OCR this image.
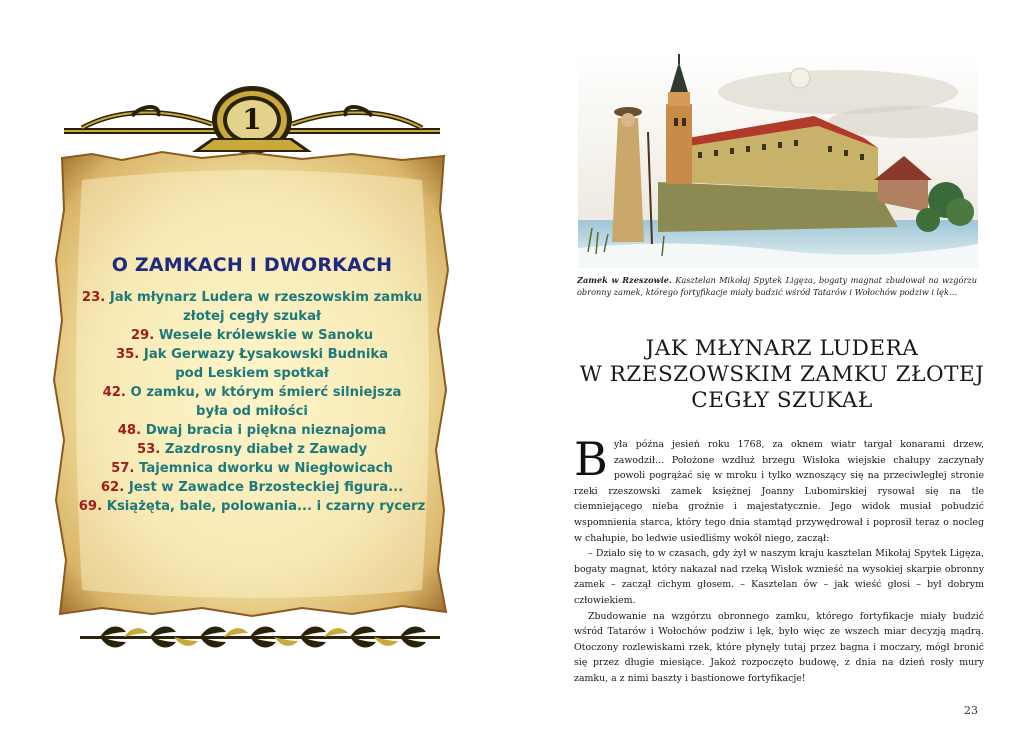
1
O ZAMKACH I DWORKACH
23. Jak młynarz Ludera w rzeszowskim zamku
złotej cegły szukał
29. Wesele królewskie w Sanoku
35. Jak Gerwazy Łysakowski Budnika
pod Leskiem spotkał
42. O zamku, w którym śmierć silniejsza
była od miłości
48. Dwaj bracia i piękna nieznajoma
53. Zazdrosny diabeł z Zawady
57. Tajemnica dworku w Niegłowicach
62. Jest w Zawadce Brzosteckiej figura...
69. Książęta, bale, polowania... i czarny rycerz
Zamek w Rzeszowie. Kasztelan Mikołaj Spytek Ligęza, bogaty magnat zbudował na wzgórzu obronny zamek, którego fortyfikacje miały budzić wśród Tatarów i Wołochów podziw i lęk…
JAK MŁYNARZ LUDERA
W RZESZOWSKIM ZAMKU ZŁOTEJ
CEGŁY SZUKAŁ

Była późna jesień roku 1768, za oknem wiatr targał konarami drzew, zawodził… Położone wzdłuż brzegu Wisłoka wiejskie chałupy zaczynały powoli pogrążać się w mroku i tylko wznoszący się na przeciwległej stronie rzeki rzeszowski zamek księżnej Joanny Lubomirskiej rysował się na tle ciemniejącego nieba groźnie i majestatycznie. Jego widok musiał pobudzić wspomnienia starca, który tego dnia stamtąd przywędrował i poprosił teraz o nocleg w chałupie, bo ledwie usiedliśmy wokół niego, zaczął:

– Działo się to w czasach, gdy żył w naszym kraju kasztelan Mikołaj Spytek Ligęza, bogaty magnat, który nakazał nad rzeką Wisłok wznieść na wysokiej skarpie obronny zamek – zaczął cichym głosem. – Kasztelan ów – jak wieść głosi – był dobrym człowiekiem.

Zbudowanie na wzgórzu obronnego zamku, którego fortyfikacje miały budzić wśród Tatarów i Wołochów podziw i lęk, było więc ze wszech miar decyzją mądrą. Otoczony rozlewiskami rzek, które płynęły tutaj przez bagna i moczary, mógł bronić się przez długie miesiące. Jakoż rozpoczęto budowę, z dnia na dzień rosły mury zamku, a z nimi baszty i bastionowe fortyfikacje!

23
